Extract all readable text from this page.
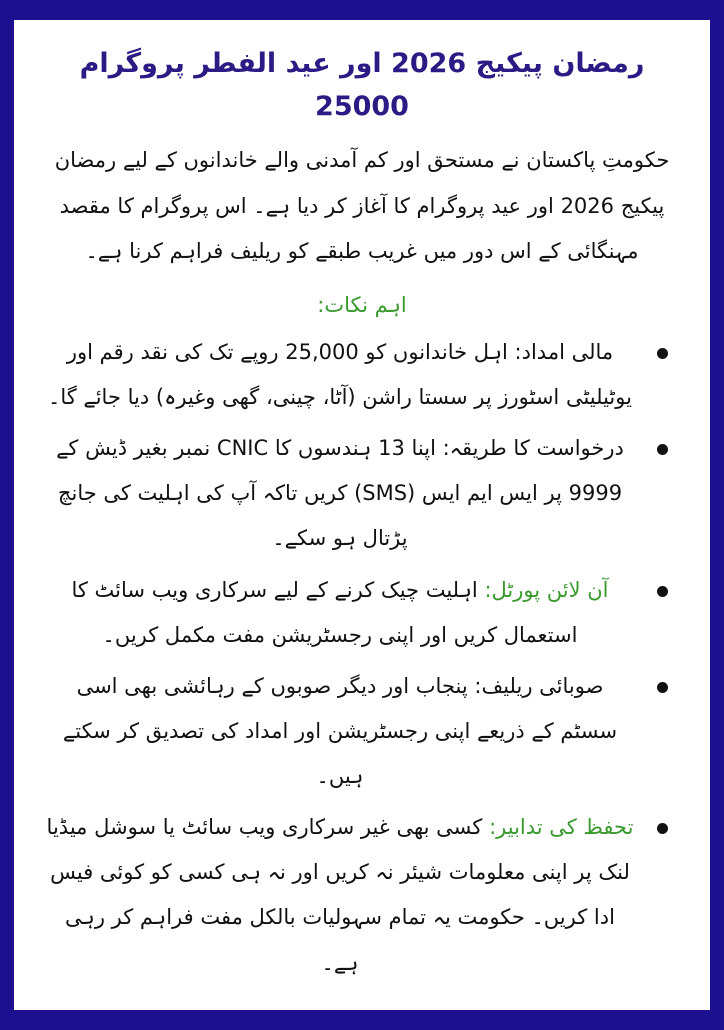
رمضان پیکیج 2026 اور عید الفطر پروگرام 25000

حکومتِ پاکستان نے مستحق اور کم آمدنی والے خاندانوں کے لیے رمضان پیکیج 2026 اور عید پروگرام کا آغاز کر دیا ہے۔ اس پروگرام کا مقصد مہنگائی کے اس دور میں غریب طبقے کو ریلیف فراہم کرنا ہے۔

اہم نکات:
مالی امداد: اہل خاندانوں کو 25,000 روپے تک کی نقد رقم اور یوٹیلیٹی اسٹورز پر سستا راشن (آٹا، چینی، گھی وغیرہ) دیا جائے گا۔
درخواست کا طریقہ: اپنا 13 ہندسوں کا CNIC نمبر بغیر ڈیش کے 9999 پر ایس ایم ایس (SMS) کریں تاکہ آپ کی اہلیت کی جانچ پڑتال ہو سکے۔
آن لائن پورٹل: اہلیت چیک کرنے کے لیے سرکاری ویب سائٹ کا استعمال کریں اور اپنی رجسٹریشن مفت مکمل کریں۔
صوبائی ریلیف: پنجاب اور دیگر صوبوں کے رہائشی بھی اسی سسٹم کے ذریعے اپنی رجسٹریشن اور امداد کی تصدیق کر سکتے ہیں۔
تحفظ کی تدابیر: کسی بھی غیر سرکاری ویب سائٹ یا سوشل میڈیا لنک پر اپنی معلومات شیئر نہ کریں اور نہ ہی کسی کو کوئی فیس ادا کریں۔ حکومت یہ تمام سہولیات بالکل مفت فراہم کر رہی ہے۔
